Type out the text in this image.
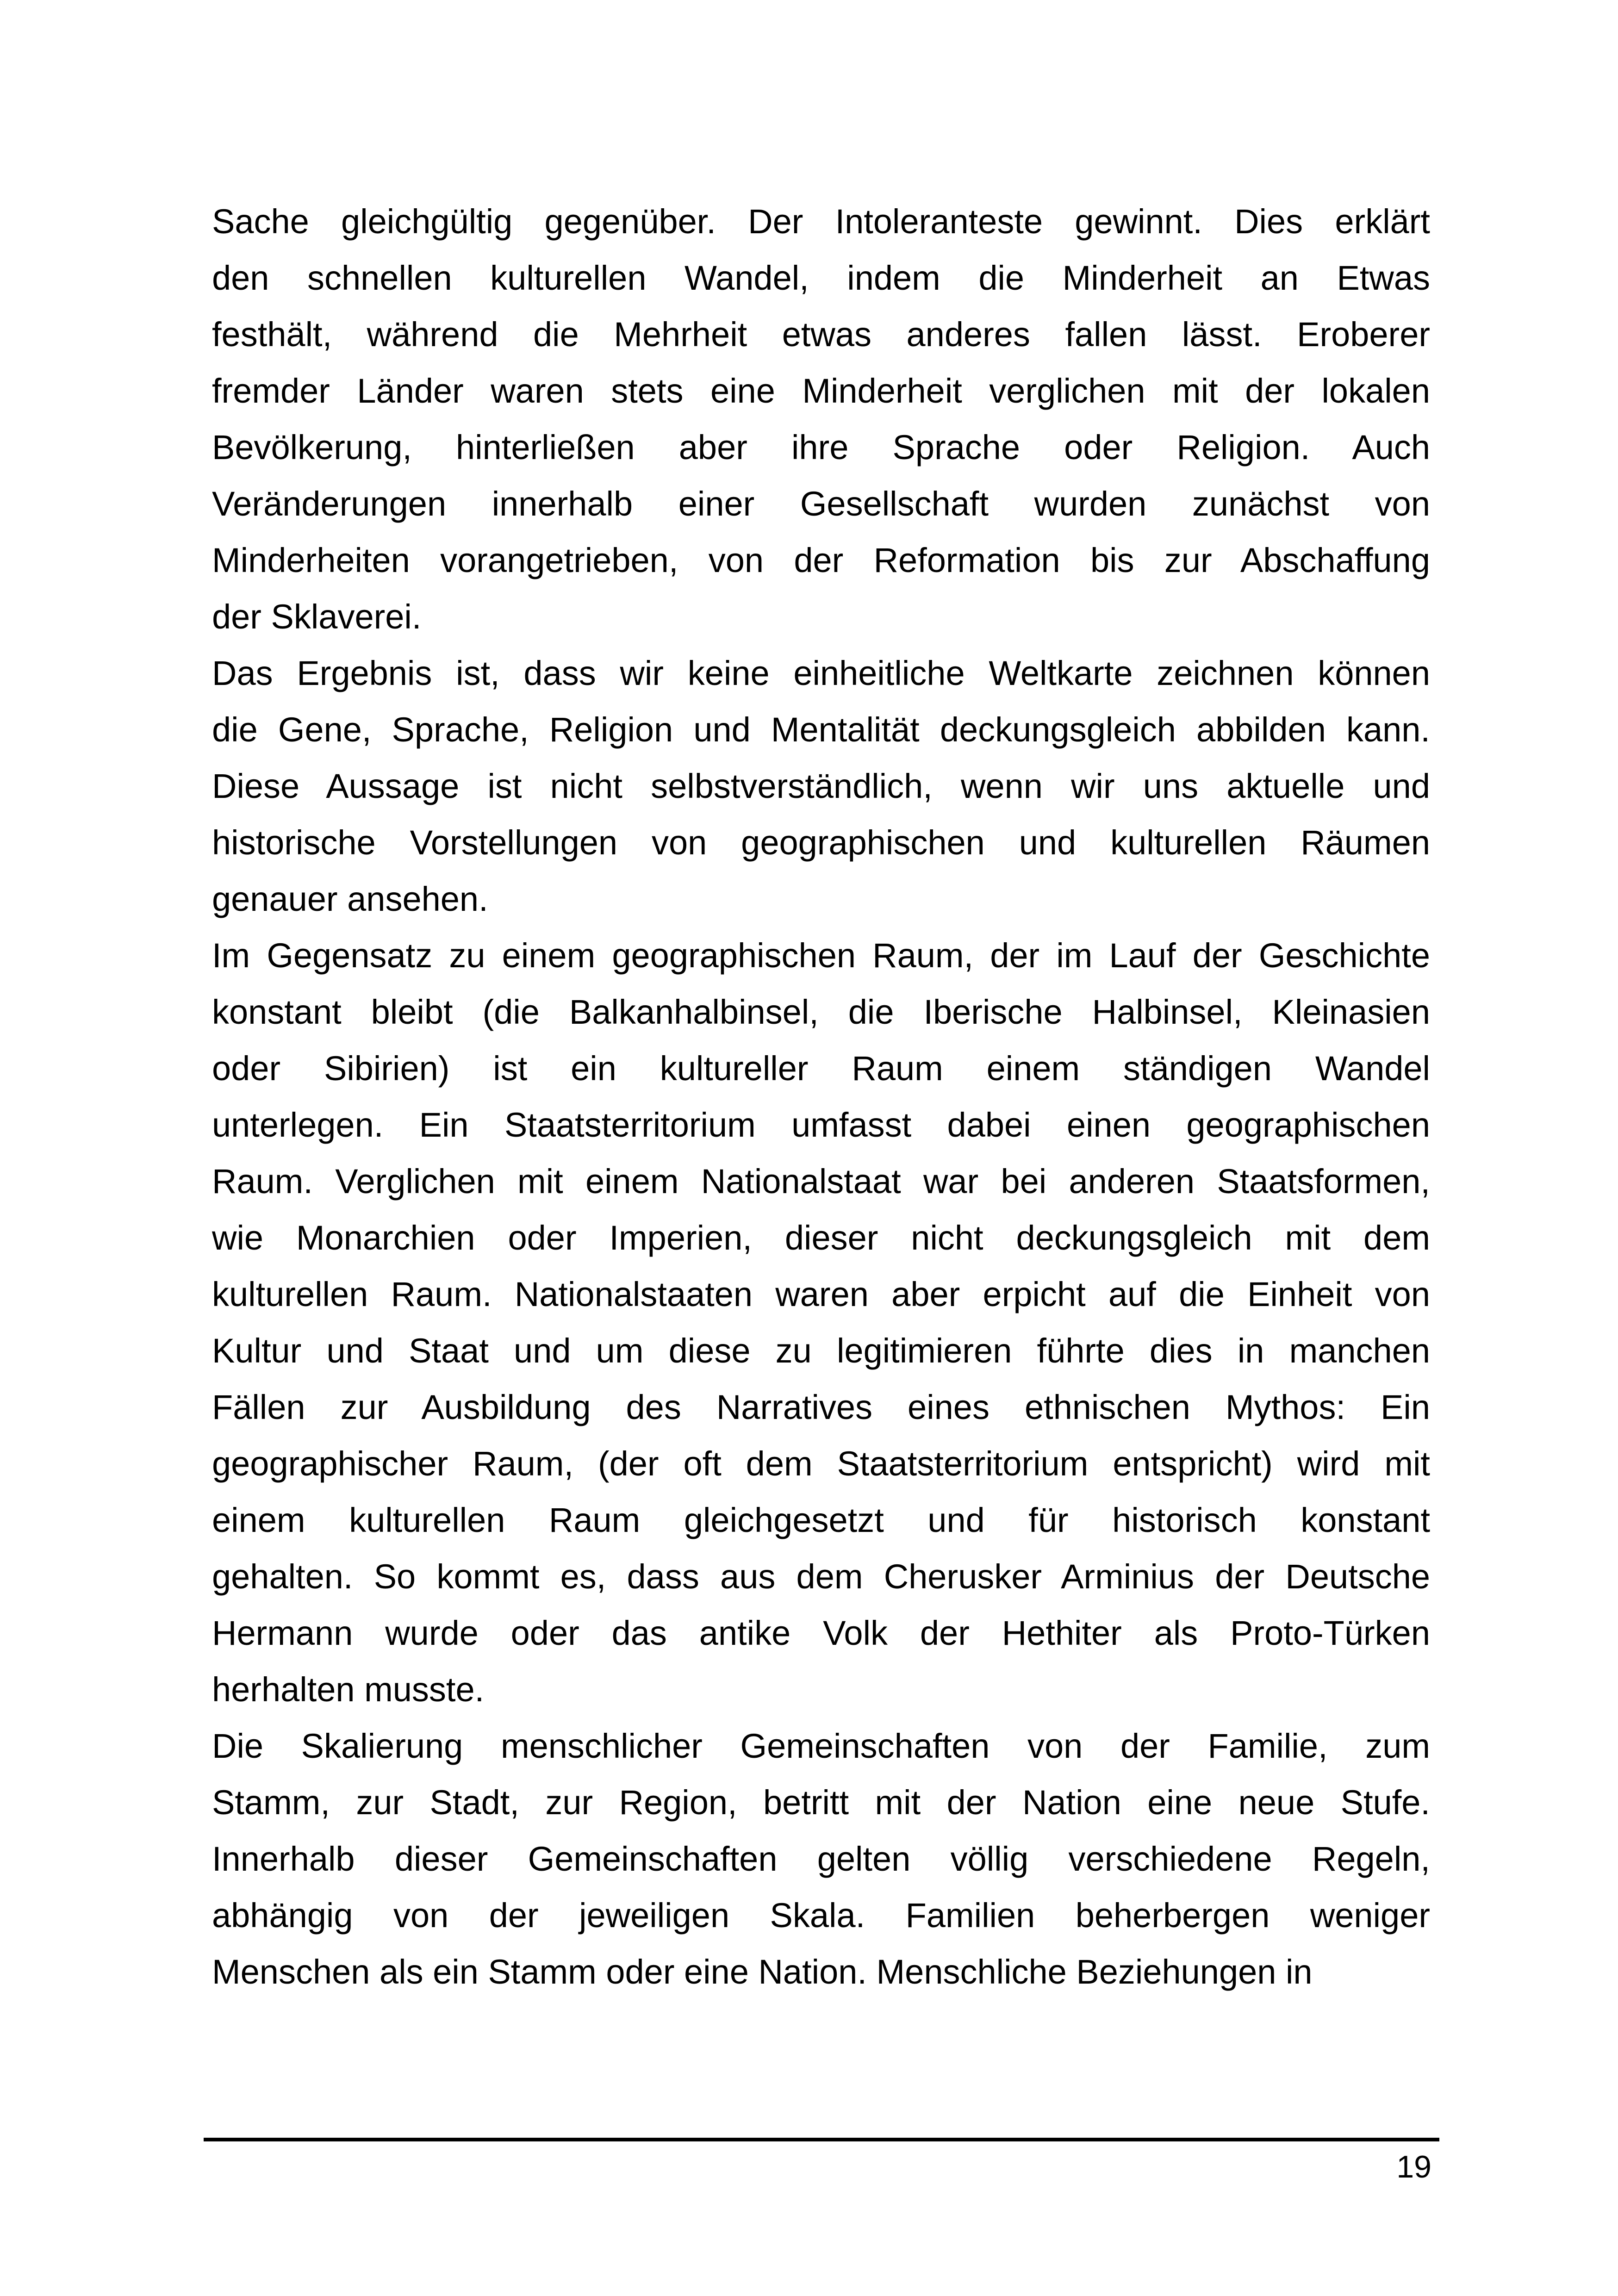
Sache gleichgültig gegenüber. Der Intoleranteste gewinnt. Dies erklärt
den schnellen kulturellen Wandel, indem die Minderheit an Etwas
festhält, während die Mehrheit etwas anderes fallen lässt. Eroberer
fremder Länder waren stets eine Minderheit verglichen mit der lokalen
Bevölkerung, hinterließen aber ihre Sprache oder Religion. Auch
Veränderungen innerhalb einer Gesellschaft wurden zunächst von
Minderheiten vorangetrieben, von der Reformation bis zur Abschaffung
der Sklaverei.
Das Ergebnis ist, dass wir keine einheitliche Weltkarte zeichnen können
die Gene, Sprache, Religion und Mentalität deckungsgleich abbilden kann.
Diese Aussage ist nicht selbstverständlich, wenn wir uns aktuelle und
historische Vorstellungen von geographischen und kulturellen Räumen
genauer ansehen.
Im Gegensatz zu einem geographischen Raum, der im Lauf der Geschichte
konstant bleibt (die Balkanhalbinsel, die Iberische Halbinsel, Kleinasien
oder Sibirien) ist ein kultureller Raum einem ständigen Wandel
unterlegen. Ein Staatsterritorium umfasst dabei einen geographischen
Raum. Verglichen mit einem Nationalstaat war bei anderen Staatsformen,
wie Monarchien oder Imperien, dieser nicht deckungsgleich mit dem
kulturellen Raum. Nationalstaaten waren aber erpicht auf die Einheit von
Kultur und Staat und um diese zu legitimieren führte dies in manchen
Fällen zur Ausbildung des Narratives eines ethnischen Mythos: Ein
geographischer Raum, (der oft dem Staatsterritorium entspricht) wird mit
einem kulturellen Raum gleichgesetzt und für historisch konstant
gehalten. So kommt es, dass aus dem Cherusker Arminius der Deutsche
Hermann wurde oder das antike Volk der Hethiter als Proto-Türken
herhalten musste.
Die Skalierung menschlicher Gemeinschaften von der Familie, zum
Stamm, zur Stadt, zur Region, betritt mit der Nation eine neue Stufe.
Innerhalb dieser Gemeinschaften gelten völlig verschiedene Regeln,
abhängig von der jeweiligen Skala. Familien beherbergen weniger
Menschen als ein Stamm oder eine Nation. Menschliche Beziehungen in
19
